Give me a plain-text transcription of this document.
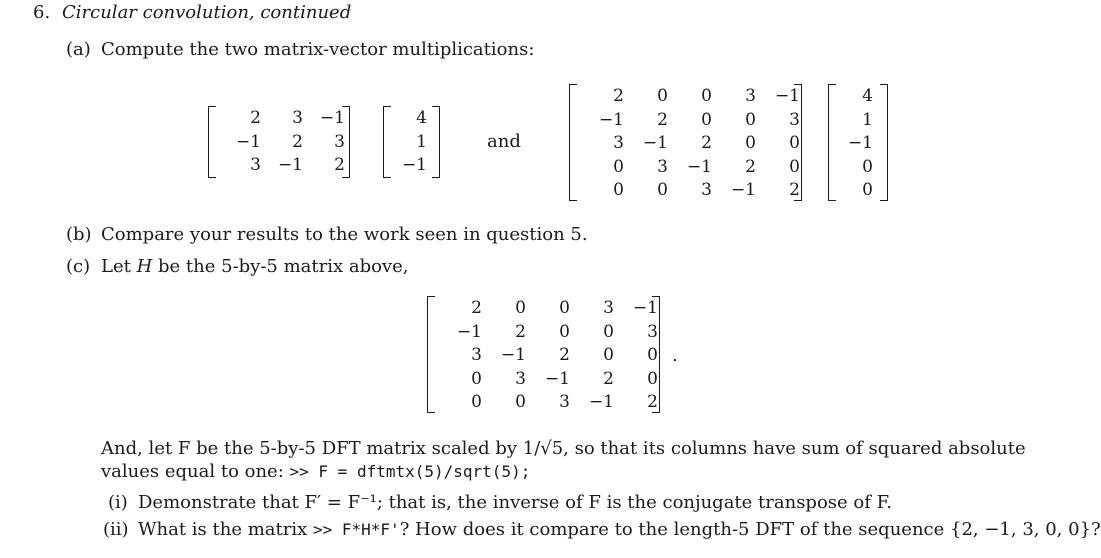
6. Circular convolution, continued
(a) Compute the two matrix-vector multiplications:
2	3	−1
−1	2	3
3	−1	2
4
1
−1
and
2	0	0	3	−1
−1	2	0	0	3
3	−1	2	0	0
0	3	−1	2	0
0	0	3	−1	2
4
1
−1
0
0
(b) Compare your results to the work seen in question 5.
(c) Let H be the 5-by-5 matrix above,
2	0	0	3	−1
−1	2	0	0	3
3	−1	2	0	0
0	3	−1	2	0
0	0	3	−1	2
.
And, let F be the 5-by-5 DFT matrix scaled by 1/√5, so that its columns have sum of squared absolute
values equal to one: >> F = dftmtx(5)/sqrt(5);
(i) Demonstrate that F′ = F⁻¹; that is, the inverse of F is the conjugate transpose of F.
(ii) What is the matrix >> F*H*F'? How does it compare to the length-5 DFT of the sequence {2, −1, 3, 0, 0}?
